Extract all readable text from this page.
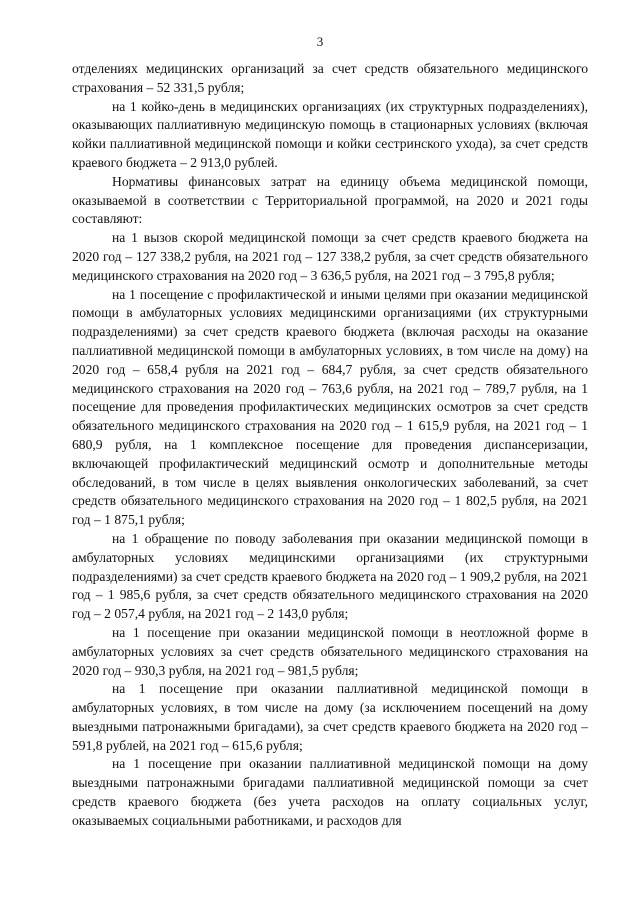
3

отделениях медицинских организаций за счет средств обязательного медицинского страхования – 52 331,5 рубля;

на 1 койко-день в медицинских организациях (их структурных подразделениях), оказывающих паллиативную медицинскую помощь в стационарных условиях (включая койки паллиативной медицинской помощи и койки сестринского ухода), за счет средств краевого бюджета – 2 913,0 рублей.

Нормативы финансовых затрат на единицу объема медицинской помощи, оказываемой в соответствии с Территориальной программой, на 2020 и 2021 годы составляют:

на 1 вызов скорой медицинской помощи за счет средств краевого бюджета на 2020 год – 127 338,2 рубля, на 2021 год – 127 338,2 рубля, за счет средств обязательного медицинского страхования на 2020 год – 3 636,5 рубля, на 2021 год – 3 795,8 рубля;

на 1 посещение с профилактической и иными целями при оказании медицинской помощи в амбулаторных условиях медицинскими организациями (их структурными подразделениями) за счет средств краевого бюджета (включая расходы на оказание паллиативной медицинской помощи в амбулаторных условиях, в том числе на дому) на 2020 год – 658,4 рубля на 2021 год – 684,7 рубля, за счет средств обязательного медицинского страхования на 2020 год – 763,6 рубля, на 2021 год – 789,7 рубля, на 1 посещение для проведения профилактических медицинских осмотров за счет средств обязательного медицинского страхования на 2020 год – 1 615,9 рубля, на 2021 год – 1 680,9 рубля, на 1 комплексное посещение для проведения диспансеризации, включающей профилактический медицинский осмотр и дополнительные методы обследований, в том числе в целях выявления онкологических заболеваний, за счет средств обязательного медицинского страхования на 2020 год – 1 802,5 рубля, на 2021 год – 1 875,1 рубля;

на 1 обращение по поводу заболевания при оказании медицинской помощи в амбулаторных условиях медицинскими организациями (их структурными подразделениями) за счет средств краевого бюджета на 2020 год – 1 909,2 рубля, на 2021 год – 1 985,6 рубля, за счет средств обязательного медицинского страхования на 2020 год – 2 057,4 рубля, на 2021 год – 2 143,0 рубля;

на 1 посещение при оказании медицинской помощи в неотложной форме в амбулаторных условиях за счет средств обязательного медицинского страхования на 2020 год – 930,3 рубля, на 2021 год – 981,5 рубля;

на 1 посещение при оказании паллиативной медицинской помощи в амбулаторных условиях, в том числе на дому (за исключением посещений на дому выездными патронажными бригадами), за счет средств краевого бюджета на 2020 год – 591,8 рублей, на 2021 год – 615,6 рубля;

на 1 посещение при оказании паллиативной медицинской помощи на дому выездными патронажными бригадами паллиативной медицинской помощи за счет средств краевого бюджета (без учета расходов на оплату социальных услуг, оказываемых социальными работниками, и расходов для
